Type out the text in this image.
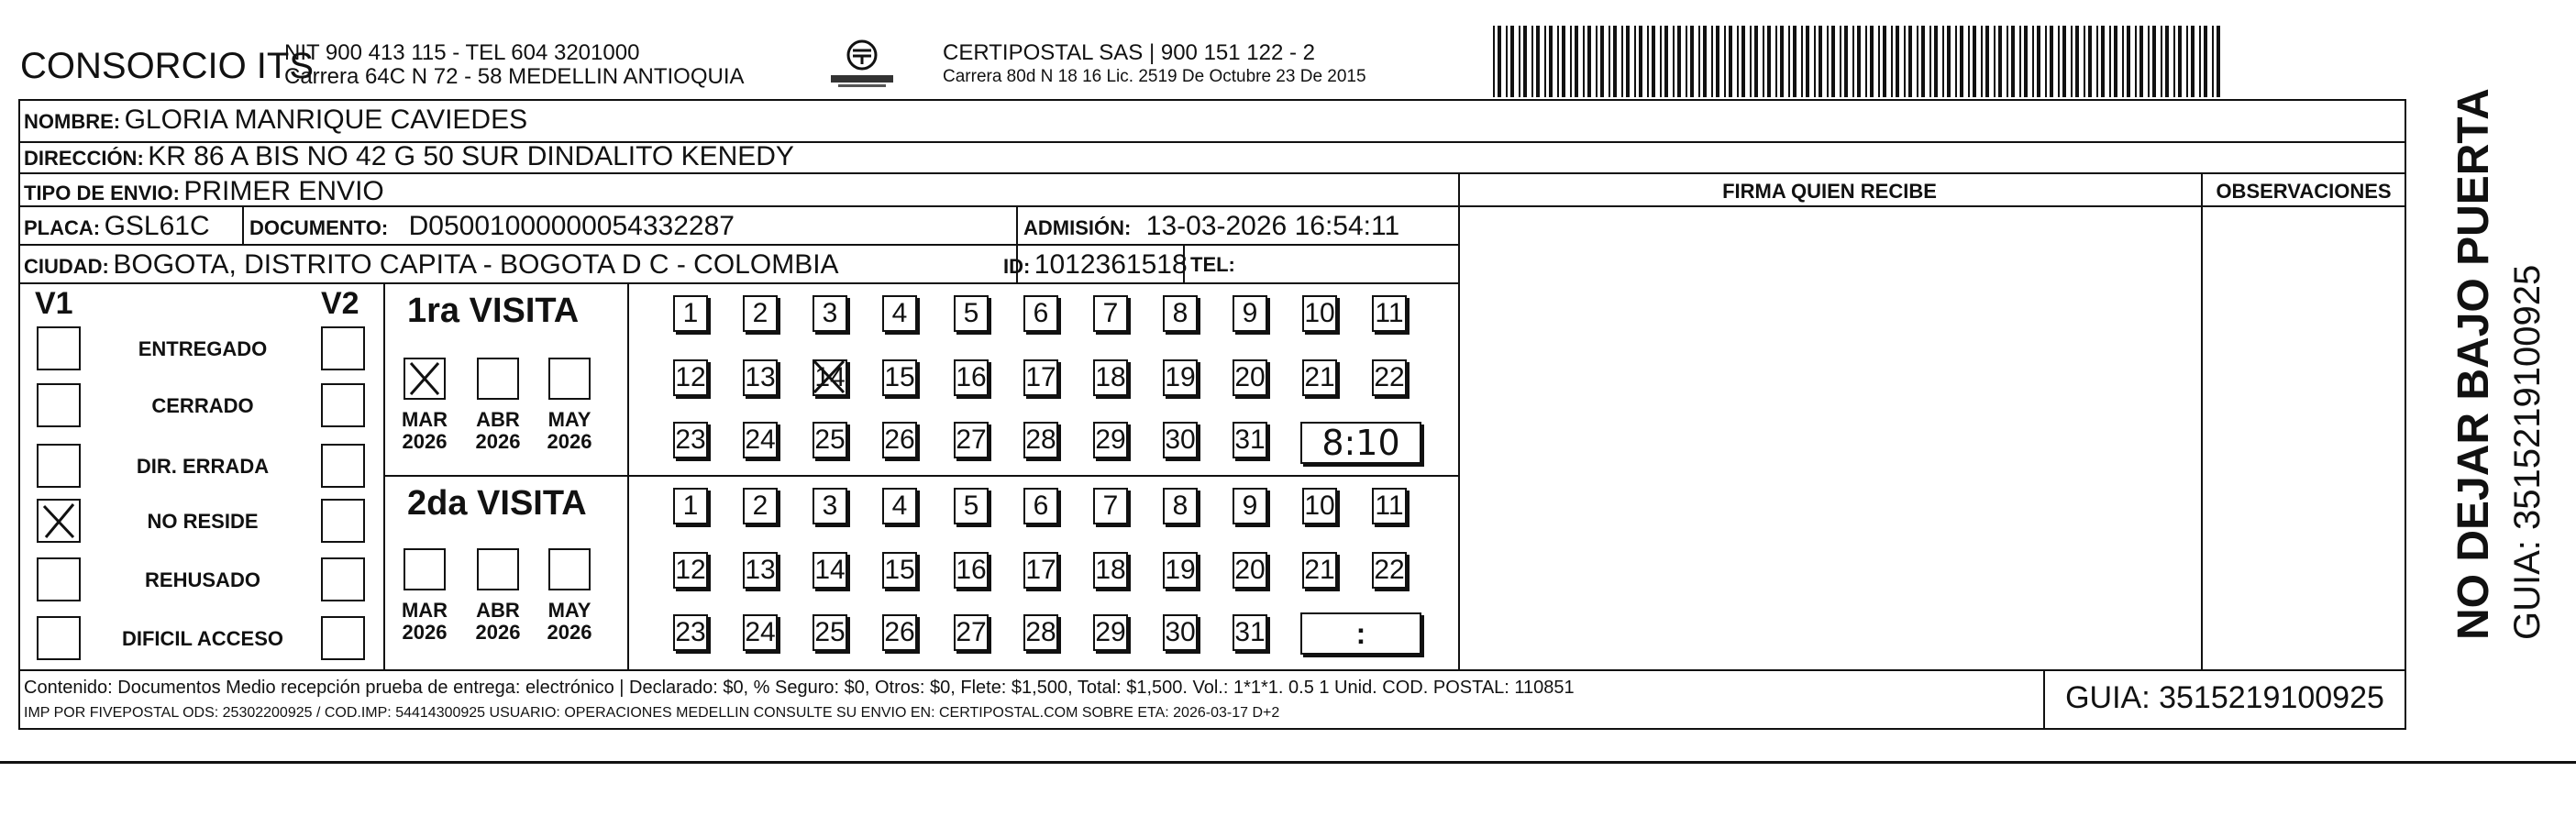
CONSORCIO ITS
NIT 900 413 115 - TEL 604 3201000
Carrera 64C N 72 - 58 MEDELLIN ANTIOQUIA
CERTIPOSTAL SAS | 900 151 122 - 2
Carrera 80d N 18 16 Lic. 2519 De Octubre 23 De 2015
NOMBRE: GLORIA MANRIQUE CAVIEDES
DIRECCIÓN: KR 86 A BIS NO 42 G 50 SUR DINDALITO KENEDY
TIPO DE ENVIO: PRIMER ENVIO
PLACA: GSL61C DOCUMENTO: D05001000000054332287	ADMISIÓN: 13-03-2026 16:54:11
CIUDAD: BOGOTA, DISTRITO CAPITA - BOGOTA D C - COLOMBIA	ID: 1012361518 TEL:
FIRMA QUIEN RECIBE	OBSERVACIONES
V1	V2
ENTREGADO
CERRADO
DIR. ERRADA
NO RESIDE
REHUSADO
DIFICIL ACCESO
1ra VISITA
MAR
2026
ABR
2026
MAY
2026
1 2 3 4 5 6 7 8 9 10 11
12 13 14 15 16 17 18 19 20 21 22
23 24 25 26 27 28 29 30 31	8:10
2da VISITA
MAR
2026
ABR
2026
MAY
2026
1 2 3 4 5 6 7 8 9 10 11
12 13 14 15 16 17 18 19 20 21 22
23 24 25 26 27 28 29 30 31	:
Contenido: Documentos Medio recepción prueba de entrega: electrónico | Declarado: $0, % Seguro: $0, Otros: $0, Flete: $1,500, Total: $1,500. Vol.: 1*1*1. 0.5 1 Unid. COD. POSTAL: 110851
IMP POR FIVEPOSTAL ODS: 25302200925 / COD.IMP: 54414300925 USUARIO: OPERACIONES MEDELLIN CONSULTE SU ENVIO EN: CERTIPOSTAL.COM SOBRE ETA: 2026-03-17 D+2	GUIA: 3515219100925
NO DEJAR BAJO PUERTA GUIA: 3515219100925
